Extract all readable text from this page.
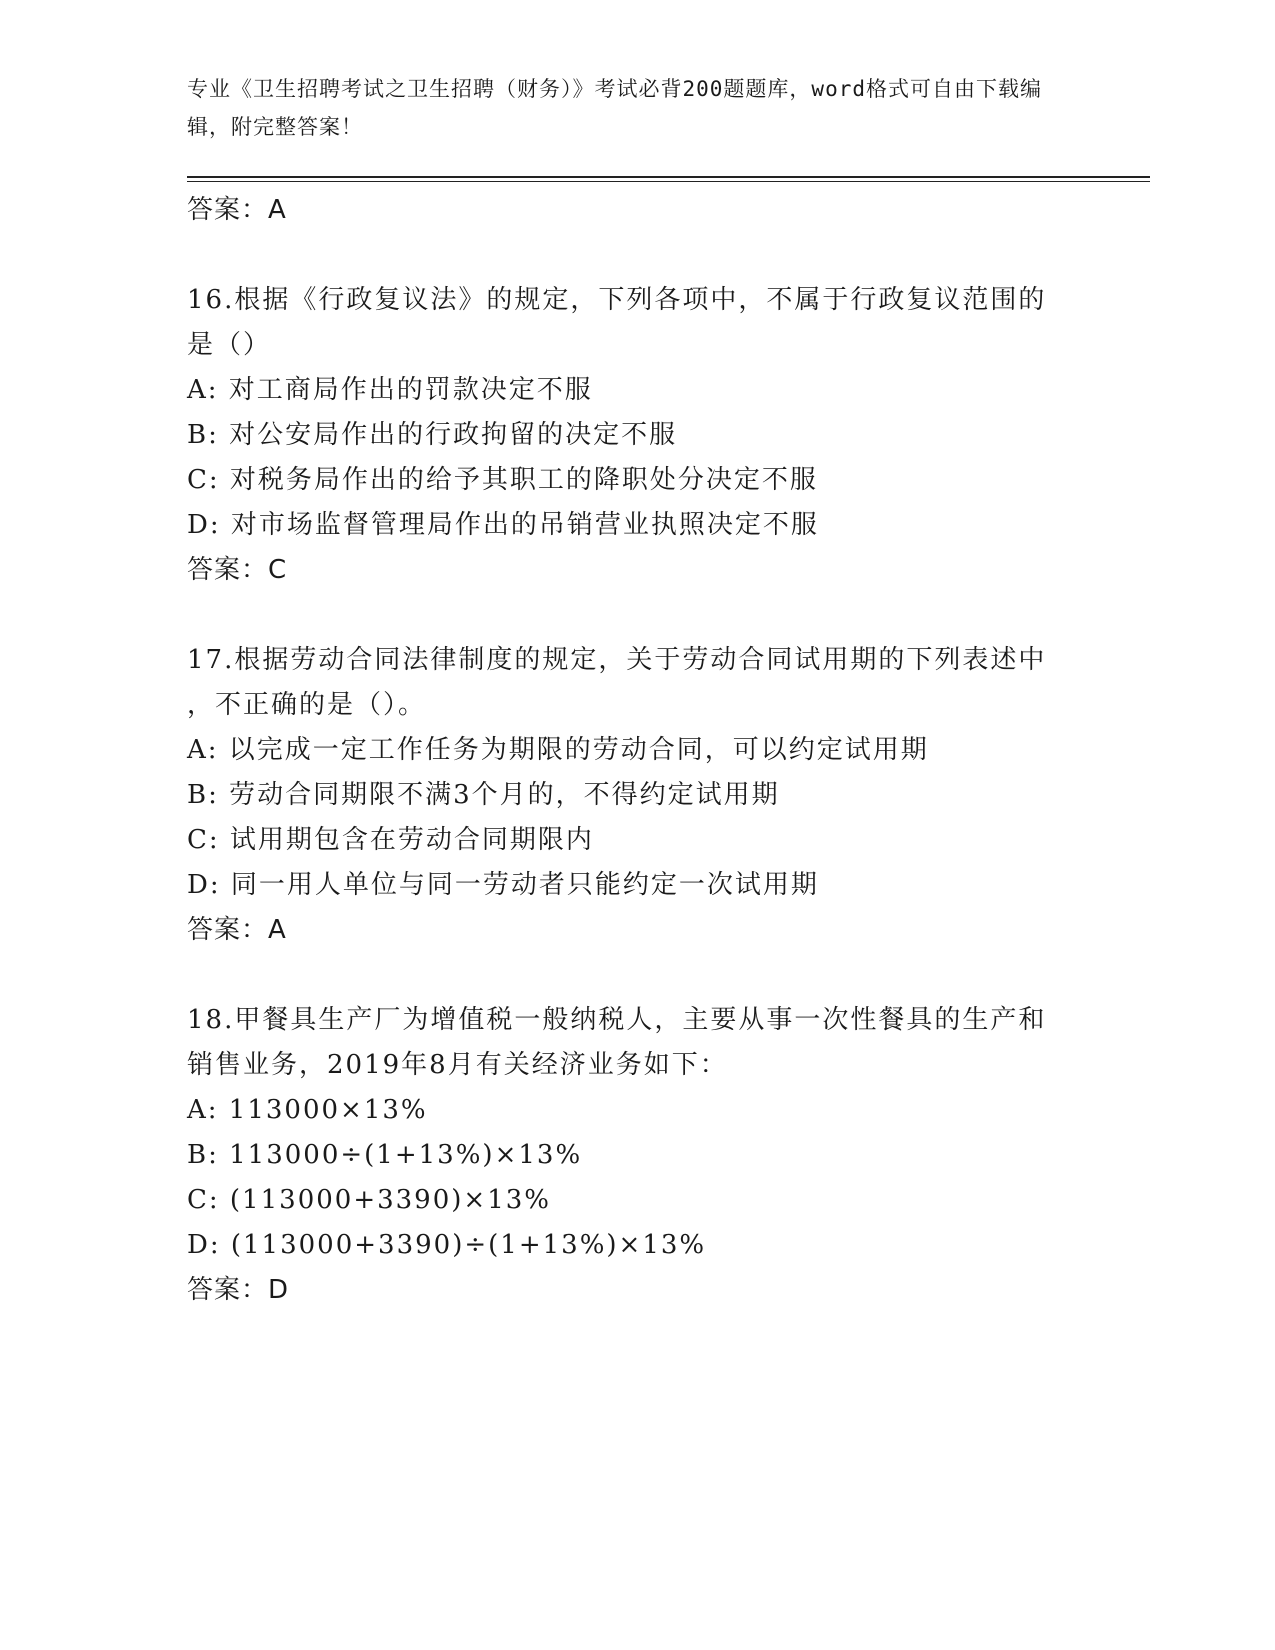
专业《卫生招聘考试之卫生招聘（财务）》考试必背200题题库，word格式可自由下载编辑，附完整答案！
答案：A
16.根据《行政复议法》的规定，下列各项中，不属于行政复议范围的
是（）
A: 对工商局作出的罚款决定不服
B: 对公安局作出的行政拘留的决定不服
C: 对税务局作出的给予其职工的降职处分决定不服
D: 对市场监督管理局作出的吊销营业执照决定不服
答案：C
17.根据劳动合同法律制度的规定，关于劳动合同试用期的下列表述中
，不正确的是（）。
A: 以完成一定工作任务为期限的劳动合同，可以约定试用期
B: 劳动合同期限不满3个月的，不得约定试用期
C: 试用期包含在劳动合同期限内
D: 同一用人单位与同一劳动者只能约定一次试用期
答案：A
18.甲餐具生产厂为增值税一般纳税人，主要从事一次性餐具的生产和
销售业务，2019年8月有关经济业务如下：
A: 113000×13%
B: 113000÷(1+13%)×13%
C: (113000+3390)×13%
D: (113000+3390)÷(1+13%)×13%
答案：D
